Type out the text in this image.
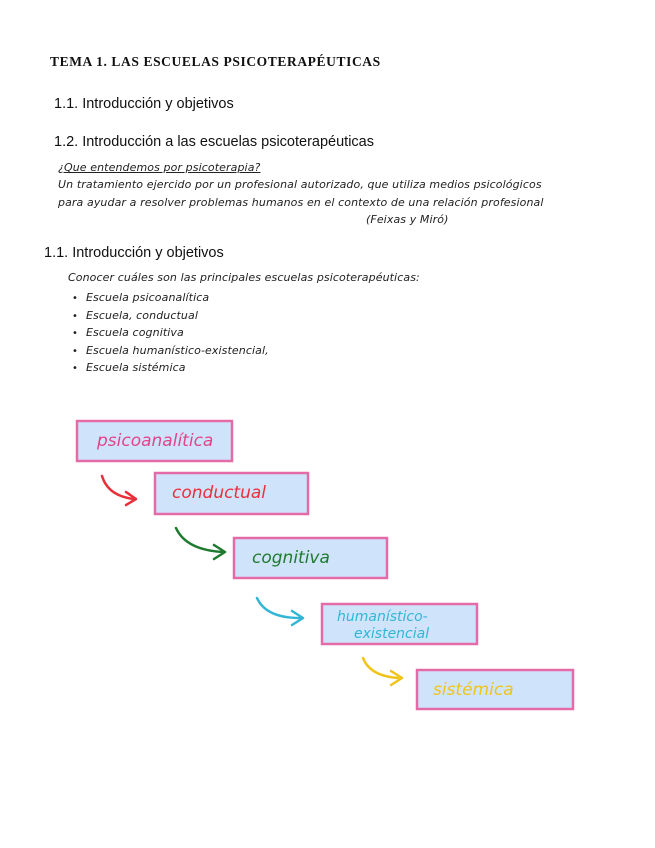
TEMA 1. LAS ESCUELAS PSICOTERAPÉUTICAS
1.1. Introducción y objetivos
1.2. Introducción a las escuelas psicoterapéuticas
¿Que entendemos por psicoterapia?
Un tratamiento ejercido por un profesional autorizado, que utiliza medios psicológicos
para ayudar a resolver problemas humanos en el contexto de una relación profesional
(Feixas y Miró)
1.1. Introducción y objetivos
Conocer cuáles son las principales escuelas psicoterapéuticas:
• Escuela psicoanalítica
• Escuela, conductual
• Escuela cognitiva
• Escuela humanístico-existencial,
• Escuela sistémica
psicoanalítica
conductual
cognitiva
humanístico-
existencial
sistémica
